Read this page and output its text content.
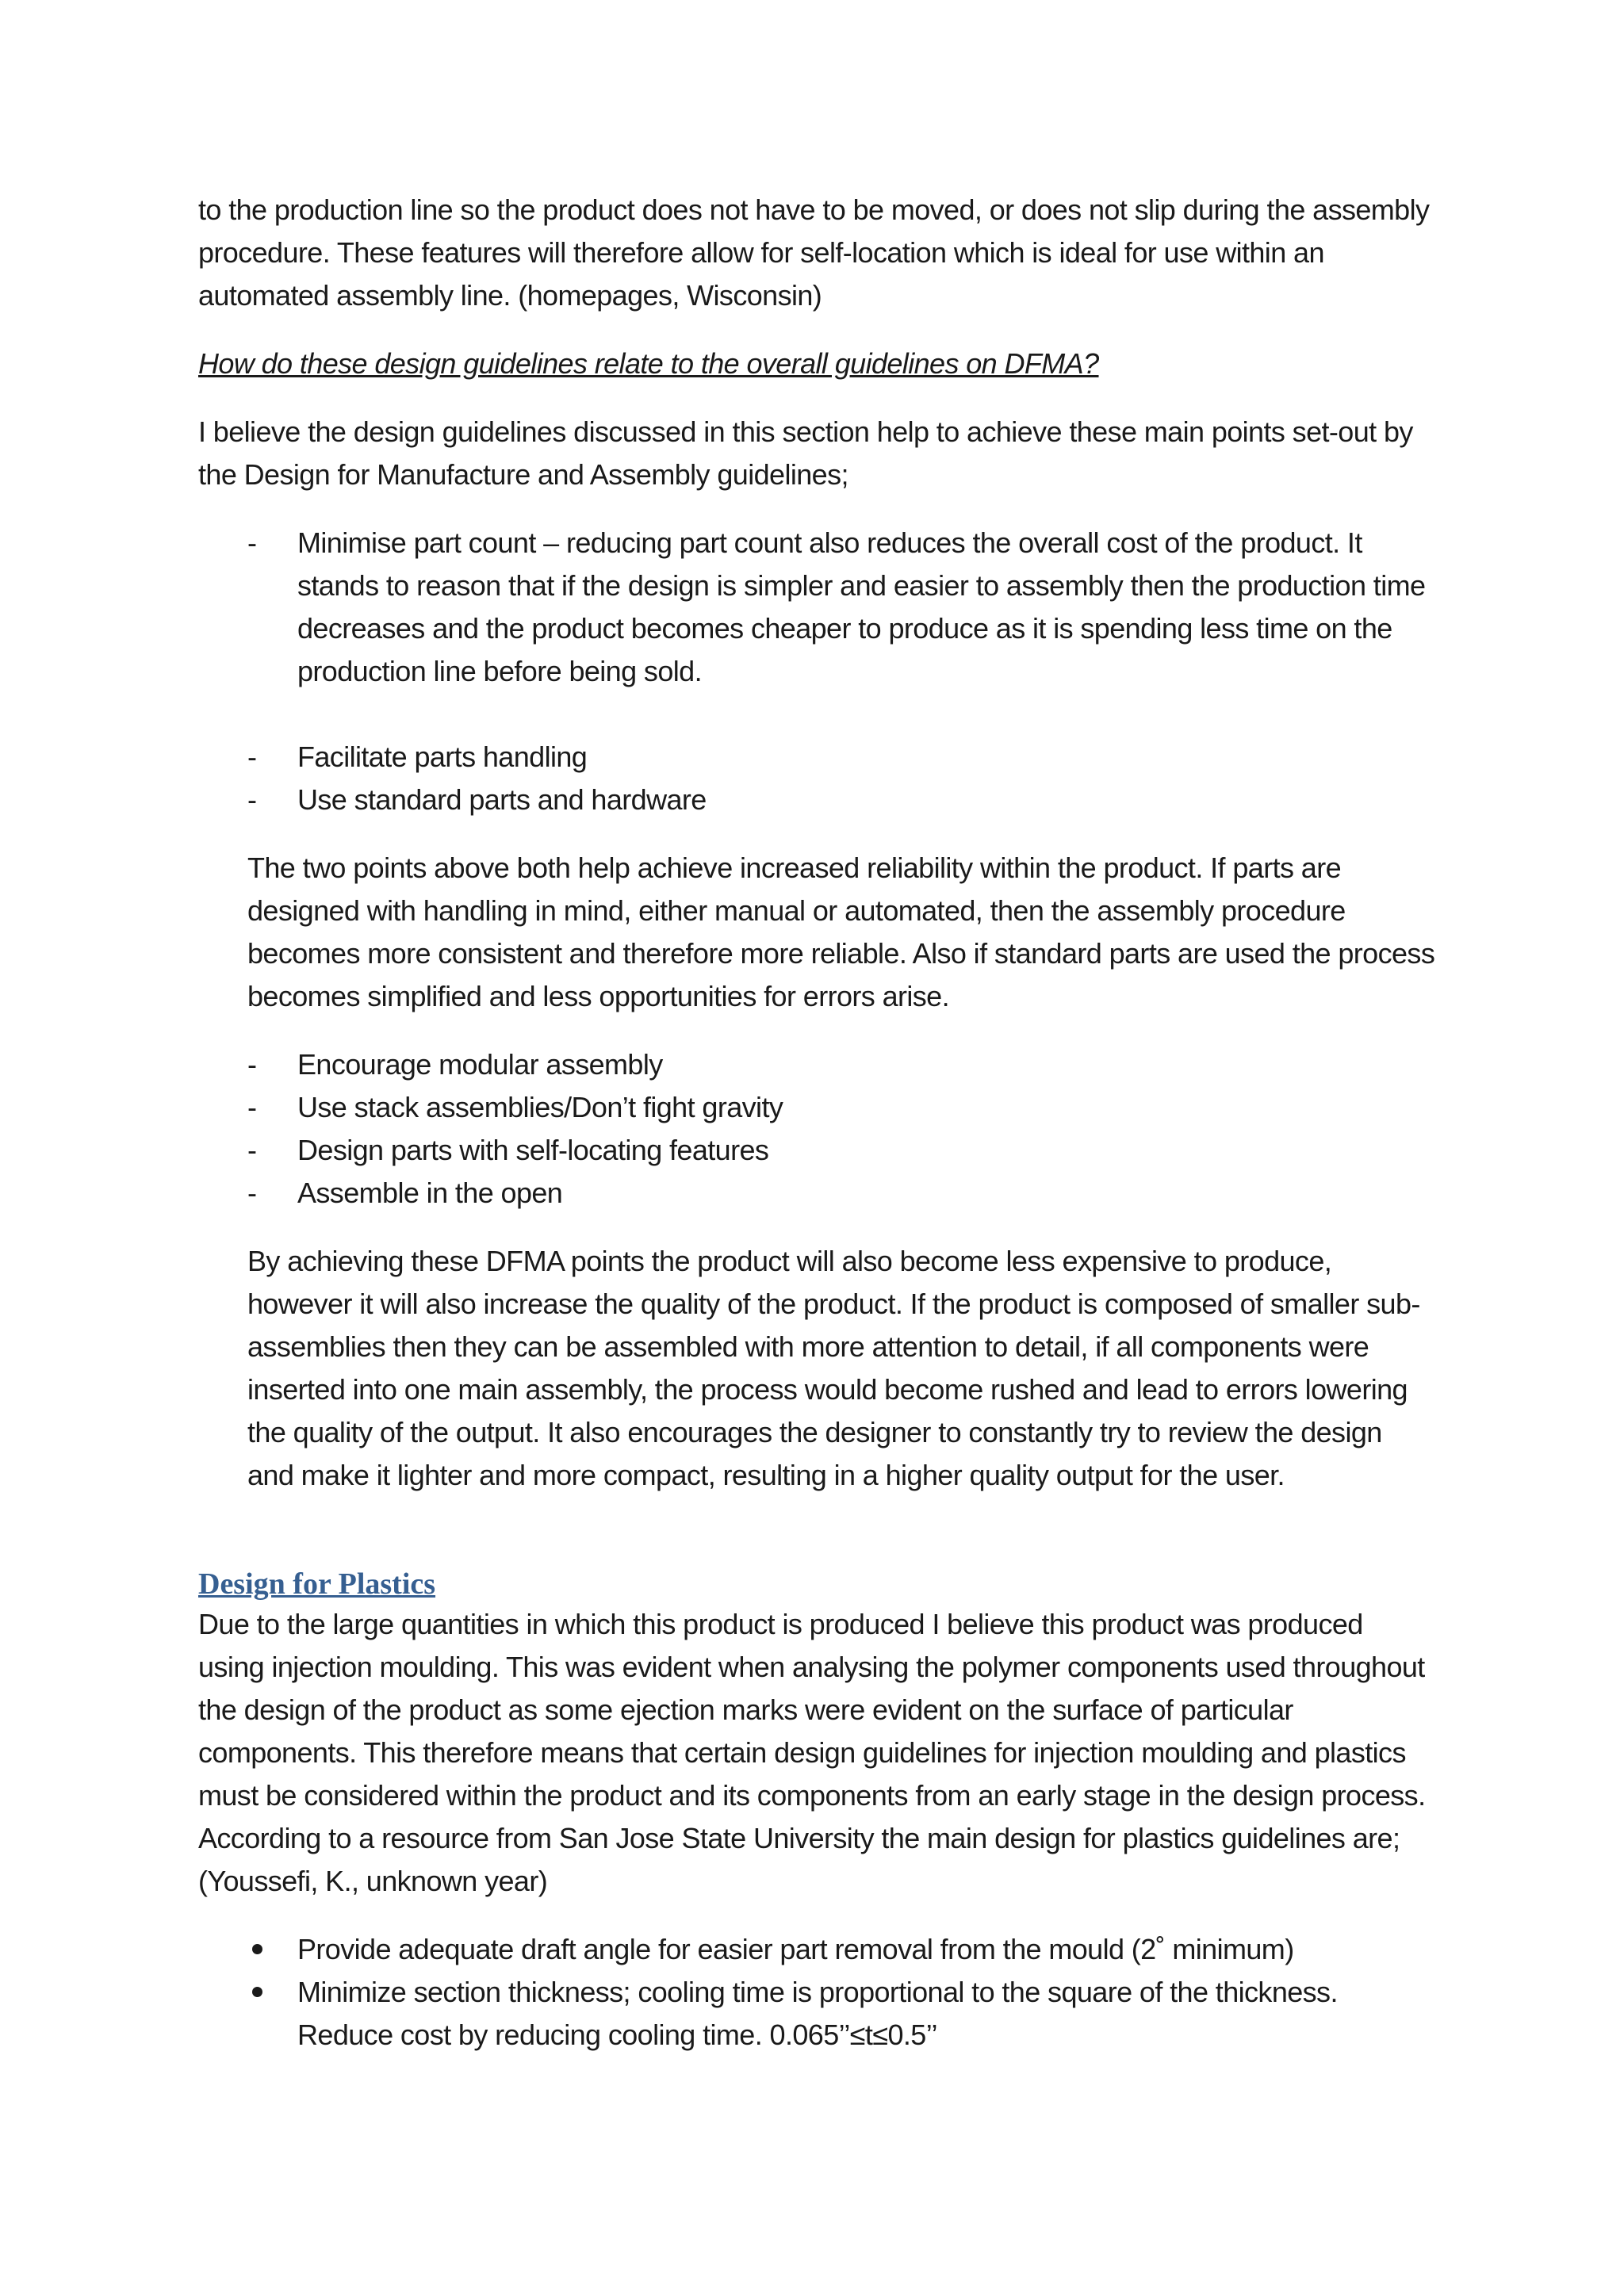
to the production line so the product does not have to be moved, or does not slip during the assembly procedure. These features will therefore allow for self-location which is ideal for use within an automated assembly line. (homepages, Wisconsin)

How do these design guidelines relate to the overall guidelines on DFMA?

I believe the design guidelines discussed in this section help to achieve these main points set-out by the Design for Manufacture and Assembly guidelines;

- Minimise part count – reducing part count also reduces the overall cost of the product. It stands to reason that if the design is simpler and easier to assembly then the production time decreases and the product becomes cheaper to produce as it is spending less time on the production line before being sold.
- Facilitate parts handling
- Use standard parts and hardware

The two points above both help achieve increased reliability within the product. If parts are designed with handling in mind, either manual or automated, then the assembly procedure becomes more consistent and therefore more reliable. Also if standard parts are used the process becomes simplified and less opportunities for errors arise.

- Encourage modular assembly
- Use stack assemblies/Don’t fight gravity
- Design parts with self-locating features
- Assemble in the open

By achieving these DFMA points the product will also become less expensive to produce, however it will also increase the quality of the product. If the product is composed of smaller sub-assemblies then they can be assembled with more attention to detail, if all components were inserted into one main assembly, the process would become rushed and lead to errors lowering the quality of the output. It also encourages the designer to constantly try to review the design and make it lighter and more compact, resulting in a higher quality output for the user.

Design for Plastics

Due to the large quantities in which this product is produced I believe this product was produced using injection moulding. This was evident when analysing the polymer components used throughout the design of the product as some ejection marks were evident on the surface of particular components. This therefore means that certain design guidelines for injection moulding and plastics must be considered within the product and its components from an early stage in the design process. According to a resource from San Jose State University the main design for plastics guidelines are; (Youssefi, K., unknown year)

Provide adequate draft angle for easier part removal from the mould (2˚ minimum)
Minimize section thickness; cooling time is proportional to the square of the thickness. Reduce cost by reducing cooling time. 0.065’’≤t≤0.5’’
